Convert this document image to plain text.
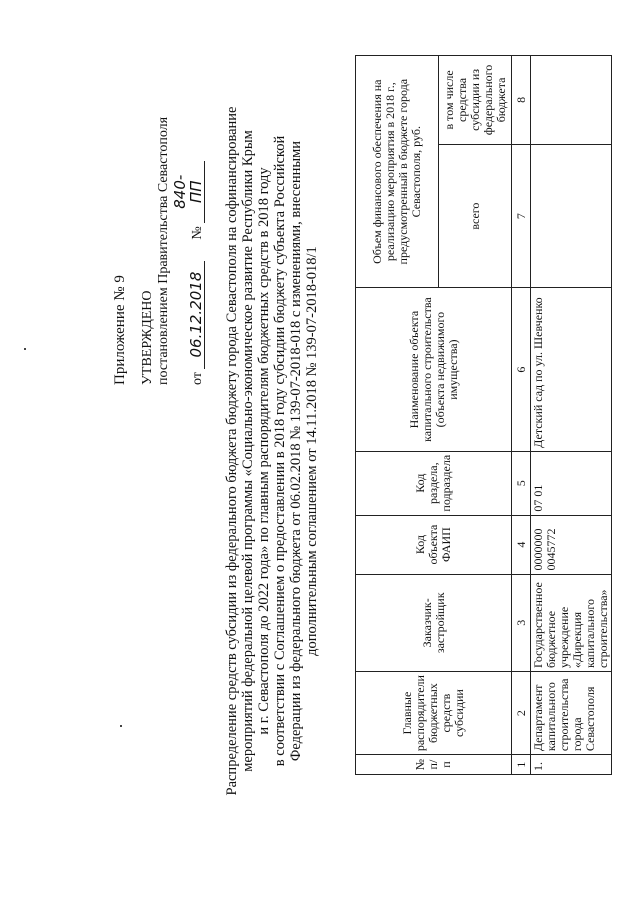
Приложение № 9 УТВЕРЖДЕНО постановлением Правительства Севастополя	от 06.12.2018      № 840-ПП Распределение средств субсидии из федерального бюджета бюджету города Севастополя на софинансирование мероприятий федеральной целевой программы «Социально-экономическое развитие Республики Крым и г. Севастополя до 2022 года» по главным распорядителям бюджетных средств в 2018 году в соответствии с Соглашением о предоставлении в 2018 году субсидии бюджету субъекта Российской Федерации из федерального бюджета от 06.02.2018 № 139-07-2018-018 с изменениями, внесенными дополнительным соглашением от 14.11.2018 № 139-07-2018-018/1
№ п/п	Главные распорядители бюджетных средств субсидии	Заказчик-застройщик	Код объекта ФАИП	Код раздела, подраздела	Наименование объекта капитального строительства (объекта недвижимого имущества)	Объем финансового обеспечения на реализацию мероприятия в 2018 г., предусмотренный в бюджете города Севастополя, руб.	
						всего	в том числе средства субсидии из федерального бюджета
1	2	3	4	5	6	7	8
1.	Департамент капитального строительства города Севастополя	Государственное бюджетное учреждение «Дирекция капитального строительства»	0000000 0045772	07 01	Детский сад по ул. Шевченко		
